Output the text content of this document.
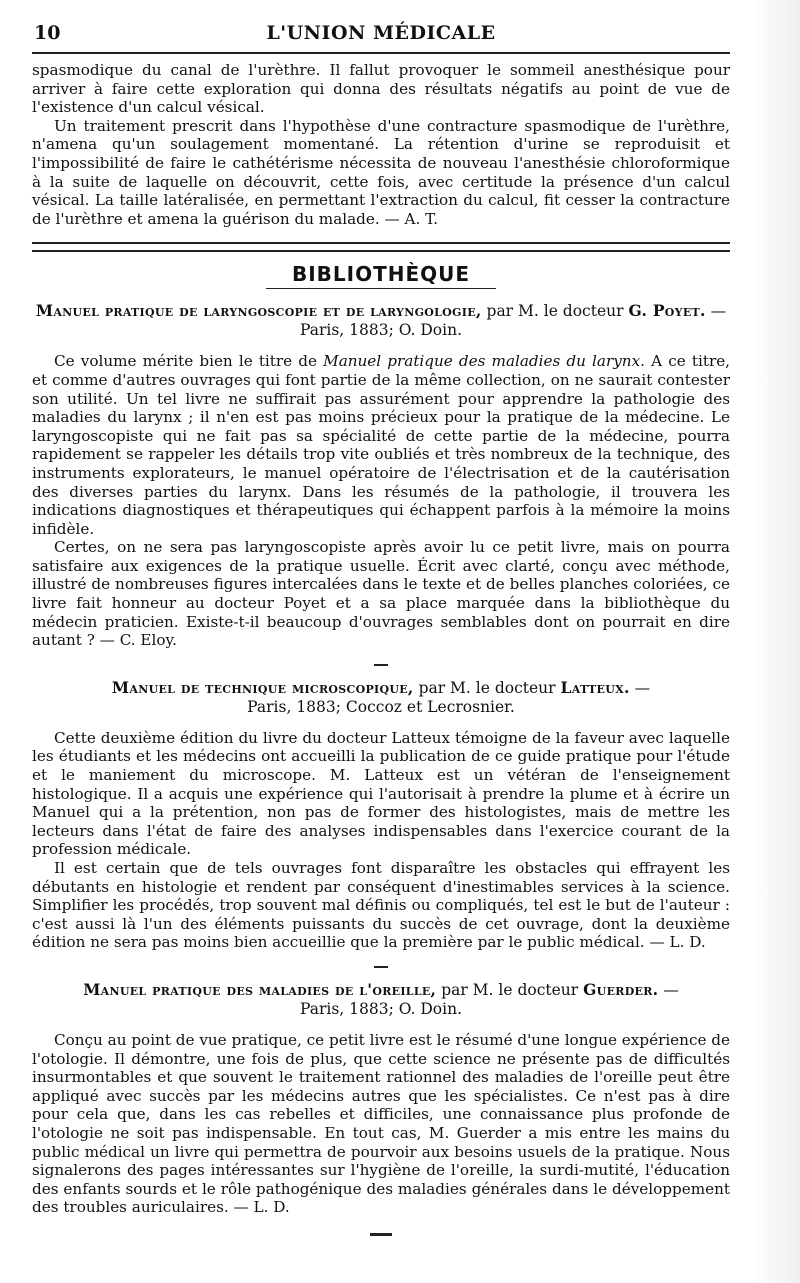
10	L'UNION MÉDICALE

spasmodique du canal de l'urèthre. Il fallut provoquer le sommeil anesthésique pour arriver à faire cette exploration qui donna des résultats négatifs au point de vue de l'existence d'un calcul vésical.

Un traitement prescrit dans l'hypothèse d'une contracture spasmodique de l'urèthre, n'amena qu'un soulagement momentané. La rétention d'urine se reproduisit et l'impossibilité de faire le cathétérisme nécessita de nouveau l'anesthésie chloroformique à la suite de laquelle on découvrit, cette fois, avec certitude la présence d'un calcul vésical. La taille latéralisée, en permettant l'extraction du calcul, fit cesser la contracture de l'urèthre et amena la guérison du malade. — A. T.

BIBLIOTHÈQUE
Manuel pratique de laryngoscopie et de laryngologie, par M. le docteur G. Poyet. —
Paris, 1883; O. Doin.

Ce volume mérite bien le titre de Manuel pratique des maladies du larynx. A ce titre, et comme d'autres ouvrages qui font partie de la même collection, on ne saurait contester son utilité. Un tel livre ne suffirait pas assurément pour apprendre la pathologie des maladies du larynx ; il n'en est pas moins précieux pour la pratique de la médecine. Le laryngoscopiste qui ne fait pas sa spécialité de cette partie de la médecine, pourra rapidement se rappeler les détails trop vite oubliés et très nombreux de la technique, des instruments explorateurs, le manuel opératoire de l'électrisation et de la cautérisation des diverses parties du larynx. Dans les résumés de la pathologie, il trouvera les indications diagnostiques et thérapeutiques qui échappent parfois à la mémoire la moins infidèle.

Certes, on ne sera pas laryngoscopiste après avoir lu ce petit livre, mais on pourra satisfaire aux exigences de la pratique usuelle. Écrit avec clarté, conçu avec méthode, illustré de nombreuses figures intercalées dans le texte et de belles planches coloriées, ce livre fait honneur au docteur Poyet et a sa place marquée dans la bibliothèque du médecin praticien. Existe-t-il beaucoup d'ouvrages semblables dont on pourrait en dire autant ? — C. Eloy.

Manuel de technique microscopique, par M. le docteur Latteux. —
Paris, 1883; Coccoz et Lecrosnier.

Cette deuxième édition du livre du docteur Latteux témoigne de la faveur avec laquelle les étudiants et les médecins ont accueilli la publication de ce guide pratique pour l'étude et le maniement du microscope. M. Latteux est un vétéran de l'enseignement histologique. Il a acquis une expérience qui l'autorisait à prendre la plume et à écrire un Manuel qui a la prétention, non pas de former des histologistes, mais de mettre les lecteurs dans l'état de faire des analyses indispensables dans l'exercice courant de la profession médicale.

Il est certain que de tels ouvrages font disparaître les obstacles qui effrayent les débutants en histologie et rendent par conséquent d'inestimables services à la science. Simplifier les procédés, trop souvent mal définis ou compliqués, tel est le but de l'auteur : c'est aussi là l'un des éléments puissants du succès de cet ouvrage, dont la deuxième édition ne sera pas moins bien accueillie que la première par le public médical. — L. D.

Manuel pratique des maladies de l'oreille, par M. le docteur Guerder. —
Paris, 1883; O. Doin.

Conçu au point de vue pratique, ce petit livre est le résumé d'une longue expérience de l'otologie. Il démontre, une fois de plus, que cette science ne présente pas de difficultés insurmontables et que souvent le traitement rationnel des maladies de l'oreille peut être appliqué avec succès par les médecins autres que les spécialistes. Ce n'est pas à dire pour cela que, dans les cas rebelles et difficiles, une connaissance plus profonde de l'otologie ne soit pas indispensable. En tout cas, M. Guerder a mis entre les mains du public médical un livre qui permettra de pourvoir aux besoins usuels de la pratique. Nous signalerons des pages intéressantes sur l'hygiène de l'oreille, la surdi-mutité, l'éducation des enfants sourds et le rôle pathogénique des maladies générales dans le développement des troubles auriculaires. — L. D.
